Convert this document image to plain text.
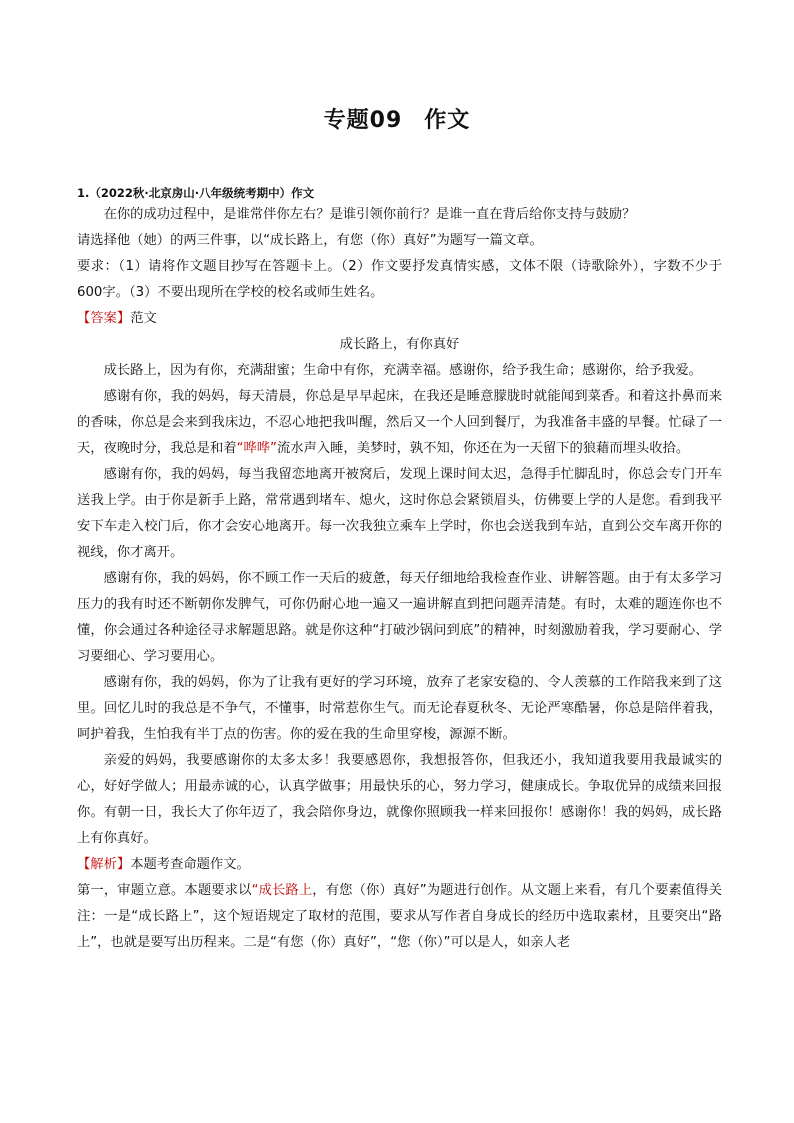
专题09 作文

1.（2022秋·北京房山·八年级统考期中）作文

在你的成功过程中，是谁常伴你左右？是谁引领你前行？是谁一直在背后给你支持与鼓励？

请选择他（她）的两三件事，以“成长路上，有您（你）真好”为题写一篇文章。

要求：（1）请将作文题目抄写在答题卡上。（2）作文要抒发真情实感，文体不限（诗歌除外），字数不少于600字。（3）不要出现所在学校的校名或师生姓名。

【答案】范文

成长路上，有你真好

成长路上，因为有你，充满甜蜜；生命中有你，充满幸福。感谢你，给予我生命；感谢你，给予我爱。

感谢有你，我的妈妈，每天清晨，你总是早早起床，在我还是睡意朦胧时就能闻到菜香。和着这扑鼻而来的香味，你总是会来到我床边，不忍心地把我叫醒，然后又一个人回到餐厅，为我准备丰盛的早餐。忙碌了一天，夜晚时分，我总是和着“哗哗”流水声入睡，美梦时，孰不知，你还在为一天留下的狼藉而埋头收拾。

感谢有你，我的妈妈，每当我留恋地离开被窝后，发现上课时间太迟，急得手忙脚乱时，你总会专门开车送我上学。由于你是新手上路，常常遇到堵车、熄火，这时你总会紧锁眉头，仿佛要上学的人是您。看到我平安下车走入校门后，你才会安心地离开。每一次我独立乘车上学时，你也会送我到车站，直到公交车离开你的视线，你才离开。

感谢有你，我的妈妈，你不顾工作一天后的疲惫，每天仔细地给我检查作业、讲解答题。由于有太多学习压力的我有时还不断朝你发脾气，可你仍耐心地一遍又一遍讲解直到把问题弄清楚。有时，太难的题连你也不懂，你会通过各种途径寻求解题思路。就是你这种“打破沙锅问到底”的精神，时刻激励着我，学习要耐心、学习要细心、学习要用心。

感谢有你，我的妈妈，你为了让我有更好的学习环境，放弃了老家安稳的、令人羡慕的工作陪我来到了这里。回忆儿时的我总是不争气，不懂事，时常惹你生气。而无论春夏秋冬、无论严寒酷暑，你总是陪伴着我，呵护着我，生怕我有半丁点的伤害。你的爱在我的生命里穿梭，源源不断。

亲爱的妈妈，我要感谢你的太多太多！我要感恩你，我想报答你，但我还小，我知道我要用我最诚实的心，好好学做人；用最赤诚的心，认真学做事；用最快乐的心，努力学习，健康成长。争取优异的成绩来回报你。有朝一日，我长大了你年迈了，我会陪你身边，就像你照顾我一样来回报你！感谢你！我的妈妈，成长路上有你真好。

【解析】本题考查命题作文。

第一，审题立意。本题要求以“成长路上，有您（你）真好”为题进行创作。从文题上来看，有几个要素值得关注：一是“成长路上”，这个短语规定了取材的范围，要求从写作者自身成长的经历中选取素材，且要突出“路上”，也就是要写出历程来。二是“有您（你）真好”，“您（你）”可以是人，如亲人老
